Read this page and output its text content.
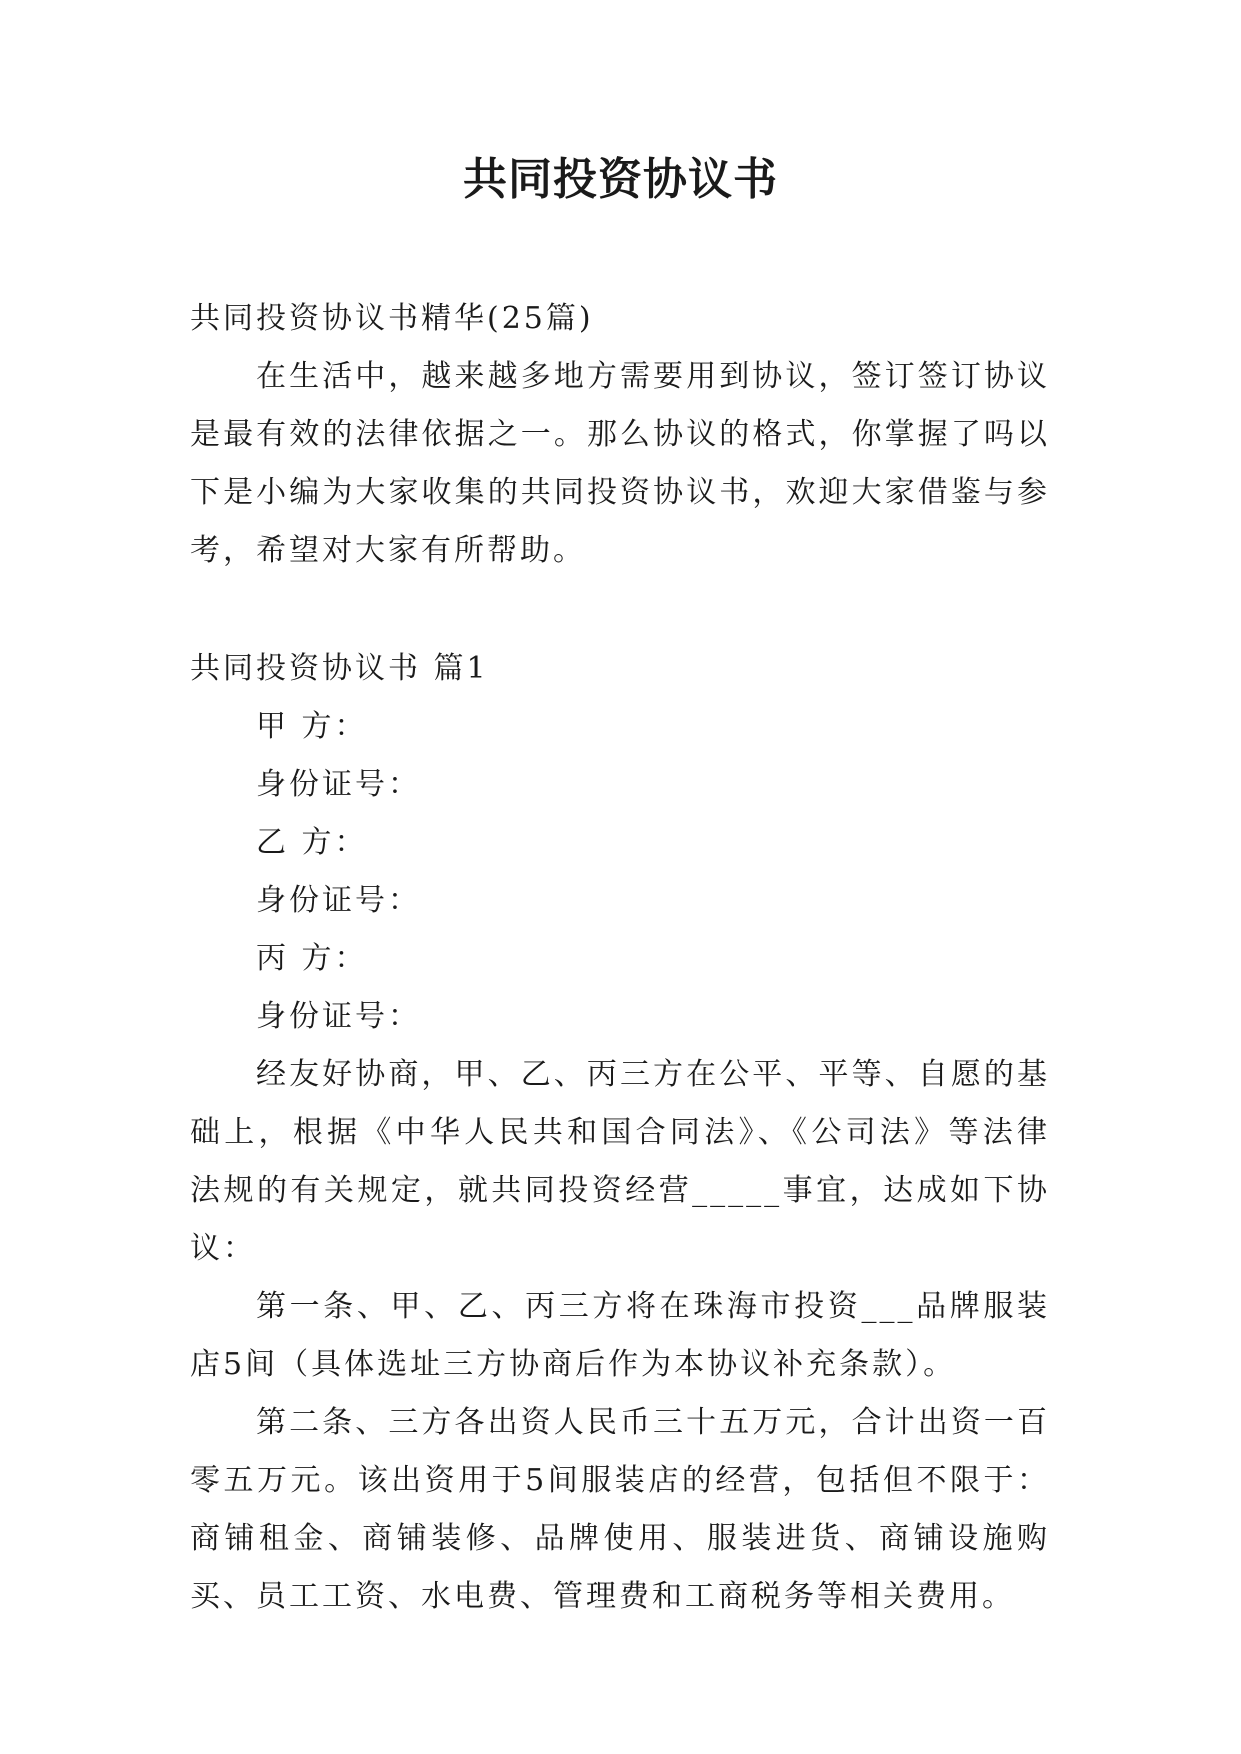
共同投资协议书

共同投资协议书精华(25篇)

在生活中，越来越多地方需要用到协议，签订签订协议是最有效的法律依据之一。那么协议的格式，你掌握了吗以下是小编为大家收集的共同投资协议书，欢迎大家借鉴与参考，希望对大家有所帮助。

共同投资协议书 篇1

甲 方：

身份证号：

乙 方：

身份证号：

丙 方：

身份证号：

经友好协商，甲、乙、丙三方在公平、平等、自愿的基础上，根据《中华人民共和国合同法》、《公司法》等法律法规的有关规定，就共同投资经营_____事宜，达成如下协议：

第一条、甲、乙、丙三方将在珠海市投资___品牌服装店5间（具体选址三方协商后作为本协议补充条款）。

第二条、三方各出资人民币三十五万元，合计出资一百零五万元。该出资用于5间服装店的经营，包括但不限于：商铺租金、商铺装修、品牌使用、服装进货、商铺设施购买、员工工资、水电费、管理费和工商税务等相关费用。
